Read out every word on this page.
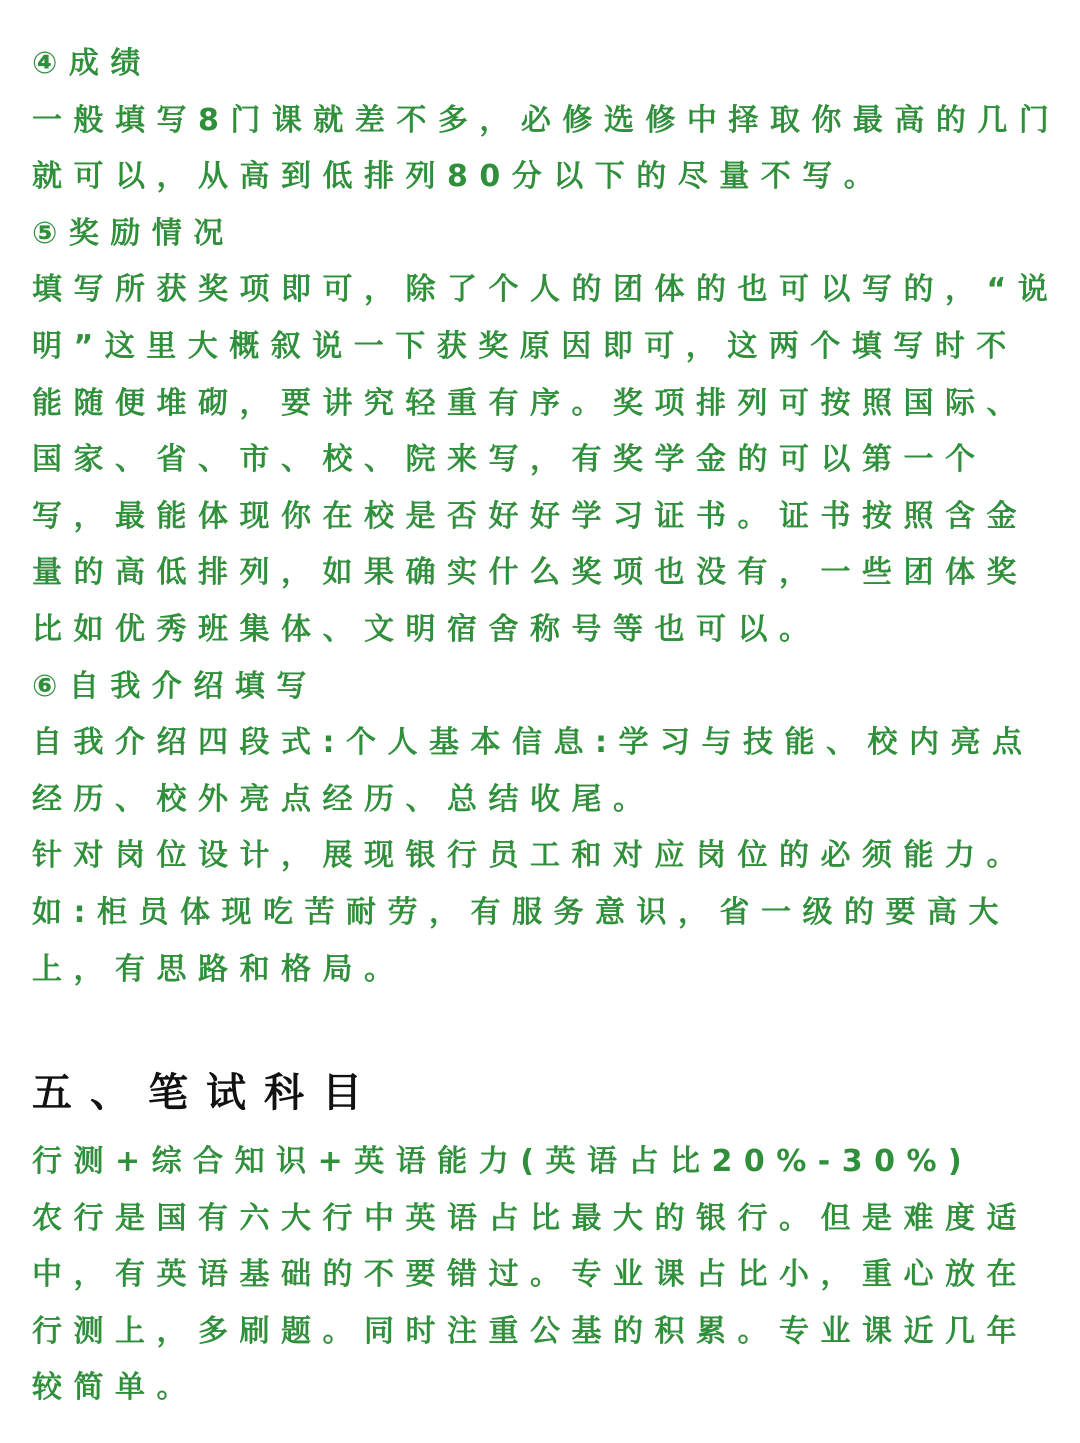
④成绩
一般填写8门课就差不多，必修选修中择取你最高的几门
就可以，从高到低排列80分以下的尽量不写。
⑤奖励情况
填写所获奖项即可，除了个人的团体的也可以写的，“说
明”这里大概叙说一下获奖原因即可，这两个填写时不
能随便堆砌，要讲究轻重有序。奖项排列可按照国际、
国家、省、市、校、院来写，有奖学金的可以第一个
写，最能体现你在校是否好好学习证书。证书按照含金
量的高低排列，如果确实什么奖项也没有，一些团体奖
比如优秀班集体、文明宿舍称号等也可以。
⑥自我介绍填写
自我介绍四段式:个人基本信息:学习与技能、校内亮点
经历、校外亮点经历、总结收尾。
针对岗位设计，展现银行员工和对应岗位的必须能力。
如:柜员体现吃苦耐劳，有服务意识，省一级的要高大
上，有思路和格局。
五、笔试科目
行测+综合知识+英语能力(英语占比20%-30%)
农行是国有六大行中英语占比最大的银行。但是难度适
中，有英语基础的不要错过。专业课占比小，重心放在
行测上，多刷题。同时注重公基的积累。专业课近几年
较简单。
